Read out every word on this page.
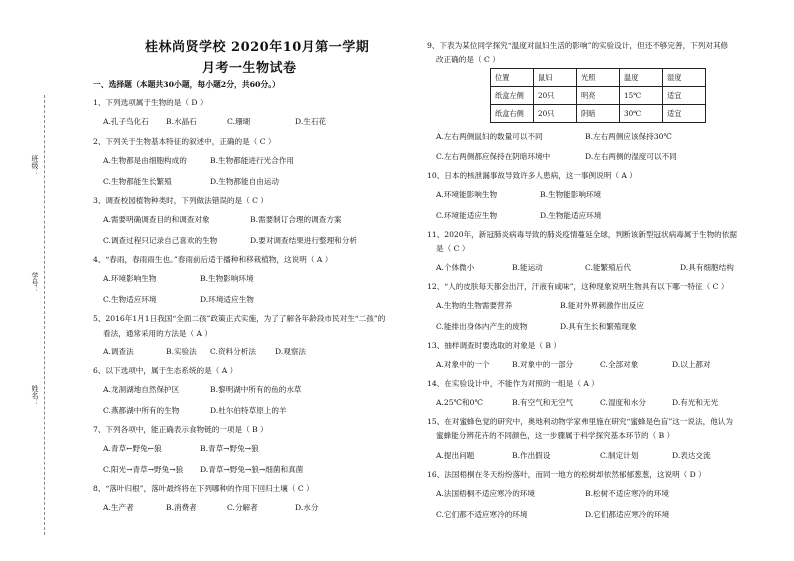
班级：
学号：
姓名：
桂林尚贤学校 2020年10月第一学期
月考一生物试卷
一、选择题（本题共30小题，每小题2分，共60分。）
1、下列选项属于生物的是（ D ）
A.孔子鸟化石 B.水晶石	C.珊瑚	D.生石花
2、下列关于生物基本特征的叙述中，正确的是（ C ）
A.生物都是由细胞构成的	B.生物都能进行光合作用
C.生物都能生长繁殖	D.生物都能自由运动
3、调查校园植物种类时，下列做法错误的是（ C ）
A.需要明确调查目的和调查对象	B.需要制订合理的调查方案
C.调查过程只记录自己喜欢的生物	D.要对调查结果进行整理和分析
4、“春雨，春雨雨生也。”春雨前后适于播种和移栽植物，这说明（ A ）
A.环境影响生物	B.生物影响环境
C.生物适应环境	D.环境适应生物
5、2016年1月1日我国“全面二孩”政策正式实施，为了了解各年龄段市民对生“二孩”的
看法，通常采用的方法是（ A ）
A.调查法	B.实验法 C.资料分析法	D.观察法
6、以下选项中，属于生态系统的是（ A ）
A.龙洞湖地自然保护区	B.黎明湖中所有的鱼的水草
C.燕都湖中所有的生物	D.杜尔伯特草原上的羊
7、下列各项中，能正确表示食物链的一项是（ B ）
A.青草←野兔←狼	B.青草→野兔→狼
C.阳光→青草→野兔→狼 D.青草→野兔→狼→细菌和真菌
8、“落叶归根”，落叶最终将在下列哪种的作用下回归土壤（ C ）
A.生产者	B.消费者	C.分解者	D.水分
9、下表为某位同学探究“温度对鼠妇生活的影响”的实验设计，但还不够完善，下列对其修
改正确的是（ C ）
位置	鼠妇	光照	温度	湿度
纸盒左侧	20只	明亮	15℃	适宜
纸盒右侧	20只	阴暗	30℃	适宜
A.左右两侧鼠妇的数量可以不同	B.左右两侧应该保持30℃
C.左右两侧都应保持在阴暗环境中	D.左右两侧的湿度可以不同
10、日本的核泄漏事故导致许多人患病，这一事例说明（ A ）
A.环境能影响生物	B.生物能影响环境
C.环境能适应生物	D.生物能适应环境
11、2020年，新冠肺炎病毒导致的肺炎疫情蔓延全球，判断该新型冠状病毒属于生物的依据
是（ C ）
A.个体微小	B.能运动	C.能繁殖后代	D.具有细胞结构
12、“人的皮肤每天都会出汗，汗液有咸味”，这种现象说明生物具有以下哪一特征（ C ）
A.生物的生物需要营养	B.能对外界刺激作出反应
C.能排出身体内产生的废物	D.具有生长和繁殖现象
13、抽样调查时要选取的对象是（ B ）
A.对象中的一个	B.对象中的一部分	C.全部对象	D.以上都对
14、在实验设计中，不能作为对照的一组是（ A ）
A.25℃和0℃	B.有空气和无空气	C.湿度和水分	D.有光和无光
15、在对蜜蜂色觉的研究中，奥地利动物学家弗里施在研究“蜜蜂是色盲”这一说法，他认为
蜜蜂能分辨花卉的不同颜色，这一步骤属于科学探究基本环节的（ B ）
A.提出问题	B.作出假设	C.制定计划	D.表达交流
16、法国梧桐在冬天纷纷落叶，而同一地方的松树却依然郁郁葱葱，这说明（ D ）
A.法国梧桐不适应寒冷的环境	B.松树不适应寒冷的环境
C.它们都不适应寒冷的环境	D.它们都适应寒冷的环境
